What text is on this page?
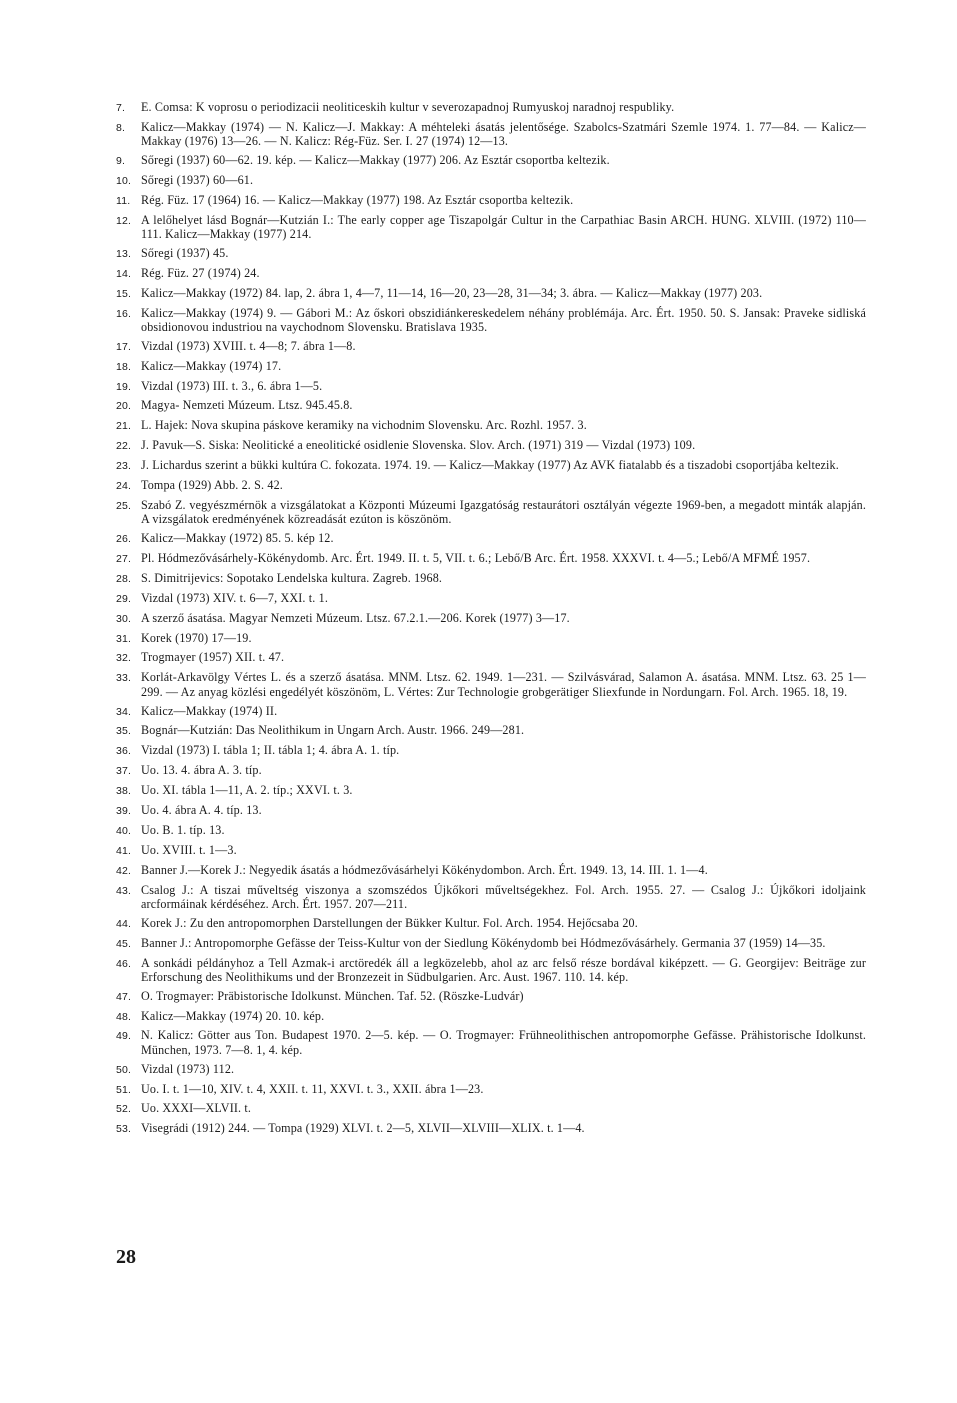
7.	E. Comsa: K voprosu o periodizacii neoliticeskih kultur v severozapadnoj Rumyuskoj naradnoj respubliky.
8.	Kalicz—Makkay (1974) — N. Kalicz—J. Makkay: A méhteleki ásatás jelentősége. Szabolcs-Szatmári Szemle 1974. 1. 77—84. — Kalicz—Makkay (1976) 13—26. — N. Kalicz: Rég-Füz. Ser. I. 27 (1974) 12—13.
9.	Sőregi (1937) 60—62. 19. kép. — Kalicz—Makkay (1977) 206. Az Esztár csoportba keltezik.
10. Sőregi (1937) 60—61.
11. Rég. Füz. 17 (1964) 16. — Kalicz—Makkay (1977) 198. Az Esztár csoportba keltezik.
12. A lelőhelyet lásd Bognár—Kutzián I.: The early copper age Tiszapolgár Cultur in the Carpathiac Basin ARCH. HUNG. XLVIII. (1972) 110—111. Kalicz—Makkay (1977) 214.
13. Sőregi (1937) 45.
14. Rég. Füz. 27 (1974) 24.
15. Kalicz—Makkay (1972) 84. lap, 2. ábra 1, 4—7, 11—14, 16—20, 23—28, 31—34; 3. ábra. — Kalicz—Makkay (1977) 203.
16. Kalicz—Makkay (1974) 9. — Gábori M.: Az őskori obszidiánkereskedelem néhány problémája. Arc. Ért. 1950. 50. S. Jansak: Praveke sidliská obsidionovou industriou na vaychodnom Slovensku. Bratislava 1935.
17. Vizdal (1973) XVIII. t. 4—8; 7. ábra 1—8.
18. Kalicz—Makkay (1974) 17.
19. Vizdal (1973) III. t. 3., 6. ábra 1—5.
20. Magya- Nemzeti Múzeum. Ltsz. 945.45.8.
21. L. Hajek: Nova skupina páskove keramiky na vichodnim Slovensku. Arc. Rozhl. 1957. 3.
22. J. Pavuk—S. Siska: Neolitické a eneolitické osidlenie Slovenska. Slov. Arch. (1971) 319 — Vizdal (1973) 109.
23. J. Lichardus szerint a bükki kultúra C. fokozata. 1974. 19. — Kalicz—Makkay (1977) Az AVK fiatalabb és a tiszadobi csoportjába keltezik.
24. Tompa (1929) Abb. 2. S. 42.
25. Szabó Z. vegyészmérnök a vizsgálatokat a Központi Múzeumi Igazgatóság restaurátori osztályán végezte 1969-ben, a megadott minták alapján. A vizsgálatok eredményének közreadását ezúton is köszönöm.
26. Kalicz—Makkay (1972) 85. 5. kép 12.
27. Pl. Hódmezővásárhely-Kökénydomb. Arc. Ért. 1949. II. t. 5, VII. t. 6.; Lebő/B Arc. Ért. 1958. XXXVI. t. 4—5.; Lebő/A MFMÉ 1957.
28. S. Dimitrijevics: Sopotako Lendelska kultura. Zagreb. 1968.
29. Vizdal (1973) XIV. t. 6—7, XXI. t. 1.
30. A szerző ásatása. Magyar Nemzeti Múzeum. Ltsz. 67.2.1.—206. Korek (1977) 3—17.
31. Korek (1970) 17—19.
32. Trogmayer (1957) XII. t. 47.
33. Korlát-Arkavölgy Vértes L. és a szerző ásatása. MNM. Ltsz. 62. 1949. 1—231. — Szilvásvárad, Salamon A. ásatása. MNM. Ltsz. 63. 25 1—299. — Az anyag közlési engedélyét köszönöm, L. Vértes: Zur Technologie grobgerätiger Sliexfunde in Nordungarn. Fol. Arch. 1965. 18, 19.
34. Kalicz—Makkay (1974) II.
35. Bognár—Kutzián: Das Neolithikum in Ungarn Arch. Austr. 1966. 249—281.
36. Vizdal (1973) I. tábla 1; II. tábla 1; 4. ábra A. 1. típ.
37. Uo. 13. 4. ábra A. 3. típ.
38. Uo. XI. tábla 1—11, A. 2. típ.; XXVI. t. 3.
39. Uo. 4. ábra A. 4. típ. 13.
40. Uo. B. 1. típ. 13.
41. Uo. XVIII. t. 1—3.
42. Banner J.—Korek J.: Negyedik ásatás a hódmezővásárhelyi Kökénydombon. Arch. Ért. 1949. 13, 14. III. 1. 1—4.
43. Csalog J.: A tiszai műveltség viszonya a szomszédos Újkőkori műveltségekhez. Fol. Arch. 1955. 27. — Csalog J.: Újkőkori idoljaink arcformáinak kérdéséhez. Arch. Ért. 1957. 207—211.
44. Korek J.: Zu den antropomorphen Darstellungen der Bükker Kultur. Fol. Arch. 1954. Hejőcsaba 20.
45. Banner J.: Antropomorphe Gefässe der Teiss-Kultur von der Siedlung Kökénydomb bei Hódmezővásárhely. Germania 37 (1959) 14—35.
46. A sonkádi példányhoz a Tell Azmak-i arctöredék áll a legközelebb, ahol az arc felső része bordával kiképzett. — G. Georgijev: Beiträge zur Erforschung des Neolithikums und der Bronzezeit in Südbulgarien. Arc. Aust. 1967. 110. 14. kép.
47. O. Trogmayer: Präbistorische Idolkunst. München. Taf. 52. (Röszke-Ludvár)
48. Kalicz—Makkay (1974) 20. 10. kép.
49. N. Kalicz: Götter aus Ton. Budapest 1970. 2—5. kép. — O. Trogmayer: Frühneolithischen antropomorphe Gefässe. Prähistorische Idolkunst. München, 1973. 7—8. 1, 4. kép.
50. Vizdal (1973) 112.
51. Uo. I. t. 1—10, XIV. t. 4, XXII. t. 11, XXVI. t. 3., XXII. ábra 1—23.
52. Uo. XXXI—XLVII. t.
53. Visegrádi (1912) 244. — Tompa (1929) XLVI. t. 2—5, XLVII—XLVIII—XLIX. t. 1—4.
28
